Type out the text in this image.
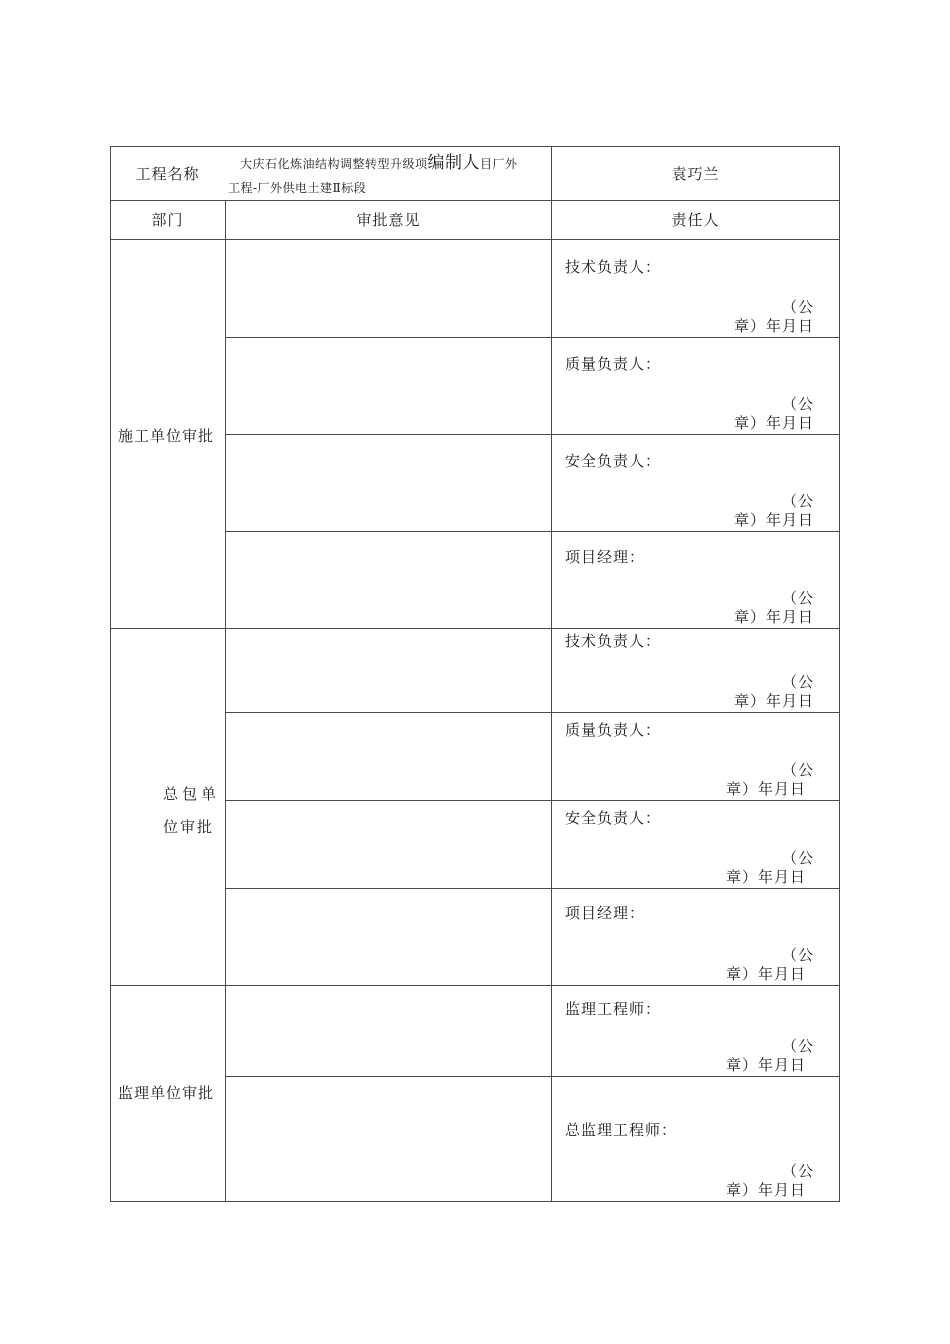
工程名称
大庆石化炼油结构调整转型升级项编制人目厂外
工程-厂外供电土建Ⅱ标段
袁巧兰
部门	审批意见	责任人
施工单位审批
总包单
位审批
监理单位审批
技术负责人：
（公
章）年月日
质量负责人：
（公
章）年月日
安全负责人：
（公
章）年月日
项目经理：
（公
章）年月日
技术负责人：
（公
章）年月日
质量负责人：
（公
章）年月日
安全负责人：
（公
章）年月日
项目经理：
（公
章）年月日
监理工程师：
（公
章）年月日
总监理工程师：
（公
章）年月日
